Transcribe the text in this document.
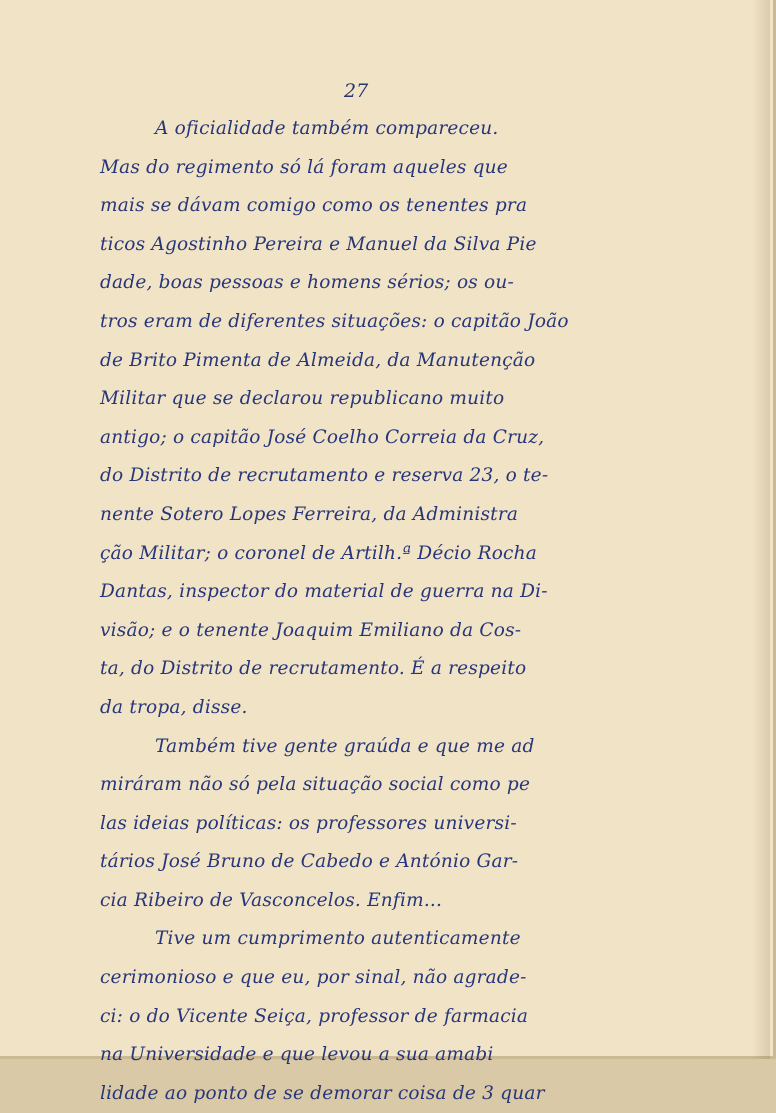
27
A oficialidade também compareceu.
Mas do regimento só lá foram aqueles que
mais se dávam comigo como os tenentes pra
ticos Agostinho Pereira e Manuel da Silva Pie
dade, boas pessoas e homens sérios; os ou-
tros eram de diferentes situações: o capitão João
de Brito Pimenta de Almeida, da Manutenção
Militar que se declarou republicano muito
antigo; o capitão José Coelho Correia da Cruz,
do Distrito de recrutamento e reserva 23, o te-
nente Sotero Lopes Ferreira, da Administra
ção Militar; o coronel de Artilh.ª Décio Rocha
Dantas, inspector do material de guerra na Di-
visão; e o tenente Joaquim Emiliano da Cos-
ta, do Distrito de recrutamento. É a respeito
da tropa, disse.
Também tive gente graúda e que me ad
miráram não só pela situação social como pe
las ideias políticas: os professores universi-
tários José Bruno de Cabedo e António Gar-
cia Ribeiro de Vasconcelos. Enfim...
Tive um cumprimento autenticamente
cerimonioso e que eu, por sinal, não agrade-
ci: o do Vicente Seiça, professor de farmacia
na Universidade e que levou a sua amabi
lidade ao ponto de se demorar coisa de 3 quar
